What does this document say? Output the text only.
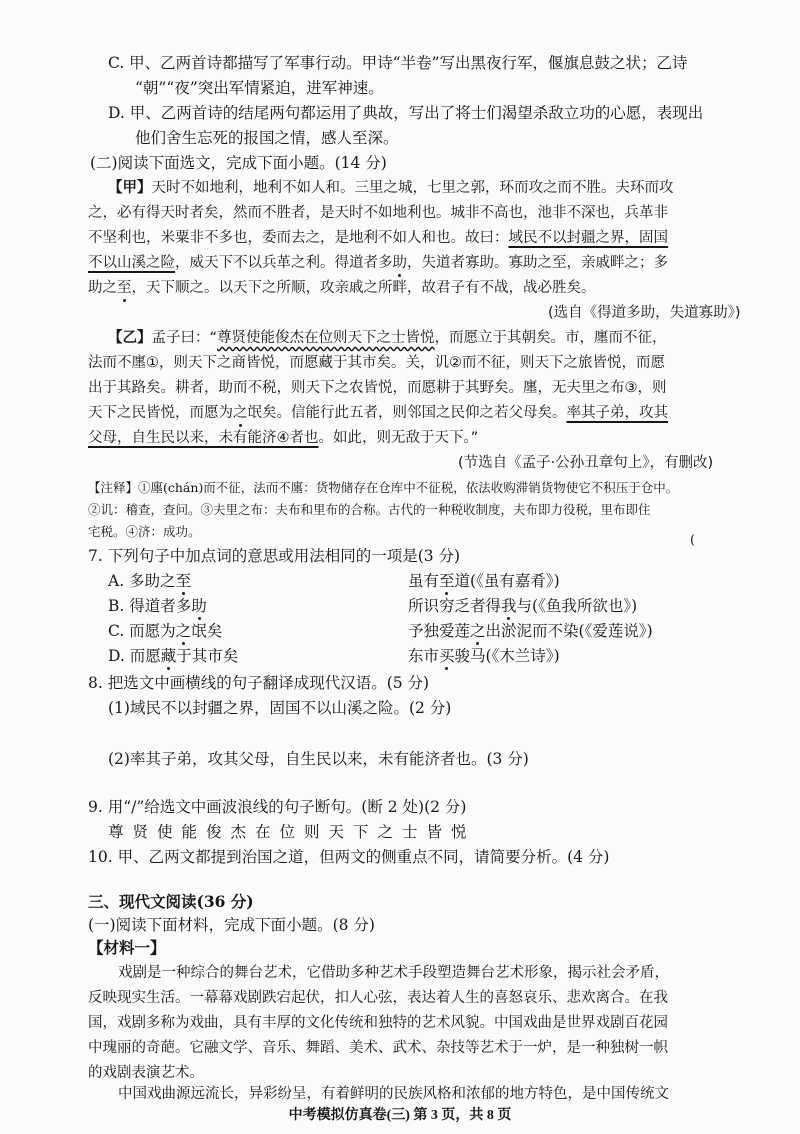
C. 甲、乙两首诗都描写了军事行动。甲诗“半卷”写出黑夜行军，偃旗息鼓之状；乙诗
“朝”“夜”突出军情紧迫，进军神速。
D. 甲、乙两首诗的结尾两句都运用了典故，写出了将士们渴望杀敌立功的心愿，表现出
他们舍生忘死的报国之情，感人至深。
(二)阅读下面选文，完成下面小题。(14 分)
【甲】天时不如地利，地利不如人和。三里之城，七里之郭，环而攻之而不胜。夫环而攻
之，必有得天时者矣，然而不胜者，是天时不如地利也。城非不高也，池非不深也，兵革非
不坚利也，米粟非不多也，委而去之，是地利不如人和也。故曰：域民不以封疆之界，固国
不以山溪之险，威天下不以兵革之利。得道者多助，失道者寡助。寡助之至，亲戚畔之；多
助之至，天下顺之。以天下之所顺，攻亲戚之所畔，故君子有不战，战必胜矣。
(选自《得道多助，失道寡助》)
【乙】孟子曰：“尊贤使能俊杰在位则天下之士皆悦，而愿立于其朝矣。市，廛而不征，
法而不廛①，则天下之商皆悦，而愿藏于其市矣。关，讥②而不征，则天下之旅皆悦，而愿
出于其路矣。耕者，助而不税，则天下之农皆悦，而愿耕于其野矣。廛，无夫里之布③，则
天下之民皆悦，而愿为之氓矣。信能行此五者，则邻国之民仰之若父母矣。率其子弟，攻其
父母，自生民以来，未有能济④者也。如此，则无敌于天下。”
(节选自《孟子·公孙丑章句上》，有删改)
【注释】①廛(chán)而不征，法而不廛：货物储存在仓库中不征税，依法收购滞销货物使它不积压于仓中。
②讥：稽查，查问。③夫里之布：夫布和里布的合称。古代的一种税收制度，夫布即力役税，里布即住
宅税。④济：成功。
7. 下列句子中加点词的意思或用法相同的一项是(3 分)
(
A. 多助之至	虽有至道(《虽有嘉肴》)
B. 得道者多助	所识穷乏者得我与(《鱼我所欲也》)
C. 而愿为之氓矣	予独爱莲之出淤泥而不染(《爱莲说》)
D. 而愿藏于其市矣	东市买骏马(《木兰诗》)
8. 把选文中画横线的句子翻译成现代汉语。(5 分)
(1)域民不以封疆之界，固国不以山溪之险。(2 分)
(2)率其子弟，攻其父母，自生民以来，未有能济者也。(3 分)
9. 用“/”给选文中画波浪线的句子断句。(断 2 处)(2 分)
尊贤使能俊杰在位则天下之士皆悦
10. 甲、乙两文都提到治国之道，但两文的侧重点不同，请简要分析。(4 分)
三、现代文阅读(36 分)
(一)阅读下面材料，完成下面小题。(8 分)
【材料一】
戏剧是一种综合的舞台艺术，它借助多种艺术手段塑造舞台艺术形象，揭示社会矛盾，
反映现实生活。一幕幕戏剧跌宕起伏，扣人心弦，表达着人生的喜怒哀乐、悲欢离合。在我
国，戏剧多称为戏曲，具有丰厚的文化传统和独特的艺术风貌。中国戏曲是世界戏剧百花园
中瑰丽的奇葩。它融文学、音乐、舞蹈、美术、武术、杂技等艺术于一炉，是一种独树一帜
的戏剧表演艺术。
中国戏曲源远流长，异彩纷呈，有着鲜明的民族风格和浓郁的地方特色，是中国传统文
中考模拟仿真卷(三) 第 3 页，共 8 页
